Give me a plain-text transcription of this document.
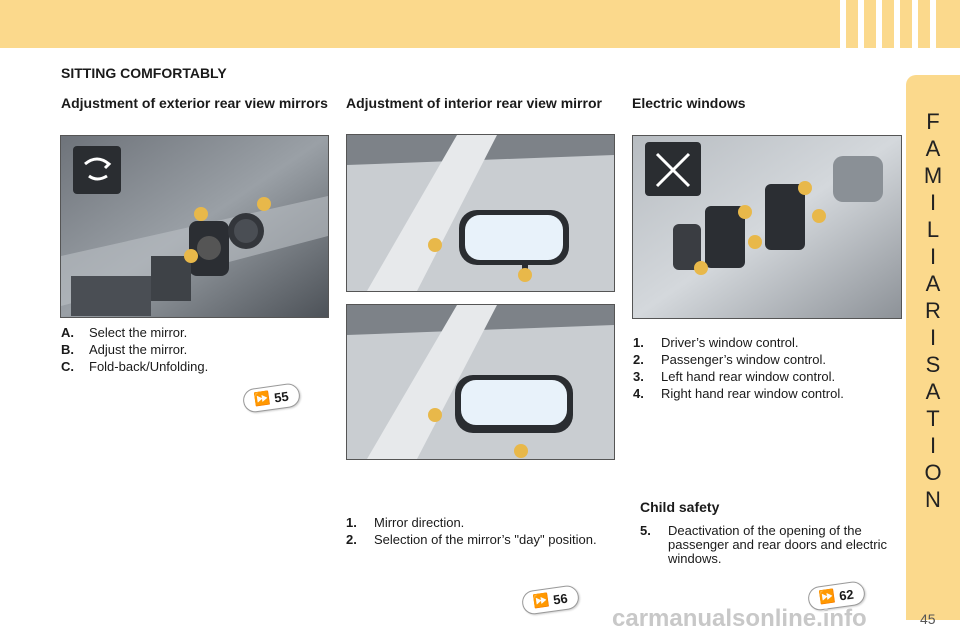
F
A
M
I
L
I
A
R
I
S
A
T
I
O
N
SITTING COMFORTABLY
Adjustment of exterior rear view mirrors
A.	Select the mirror.
B.	Adjust the mirror.
C.	Fold-back/Unfolding.
⏩ 55
Adjustment of interior rear view mirror
1.	Mirror direction.
2.	Selection of the mirror’s "day" position.
⏩ 56
Electric windows
1.	Driver’s window control.
2.	Passenger’s window control.
3.	Left hand rear window control.
4.	Right hand rear window control.
Child safety
5.	Deactivation of the opening of the passenger and rear doors and electric windows.
⏩ 62
carmanualsonline.info	45
